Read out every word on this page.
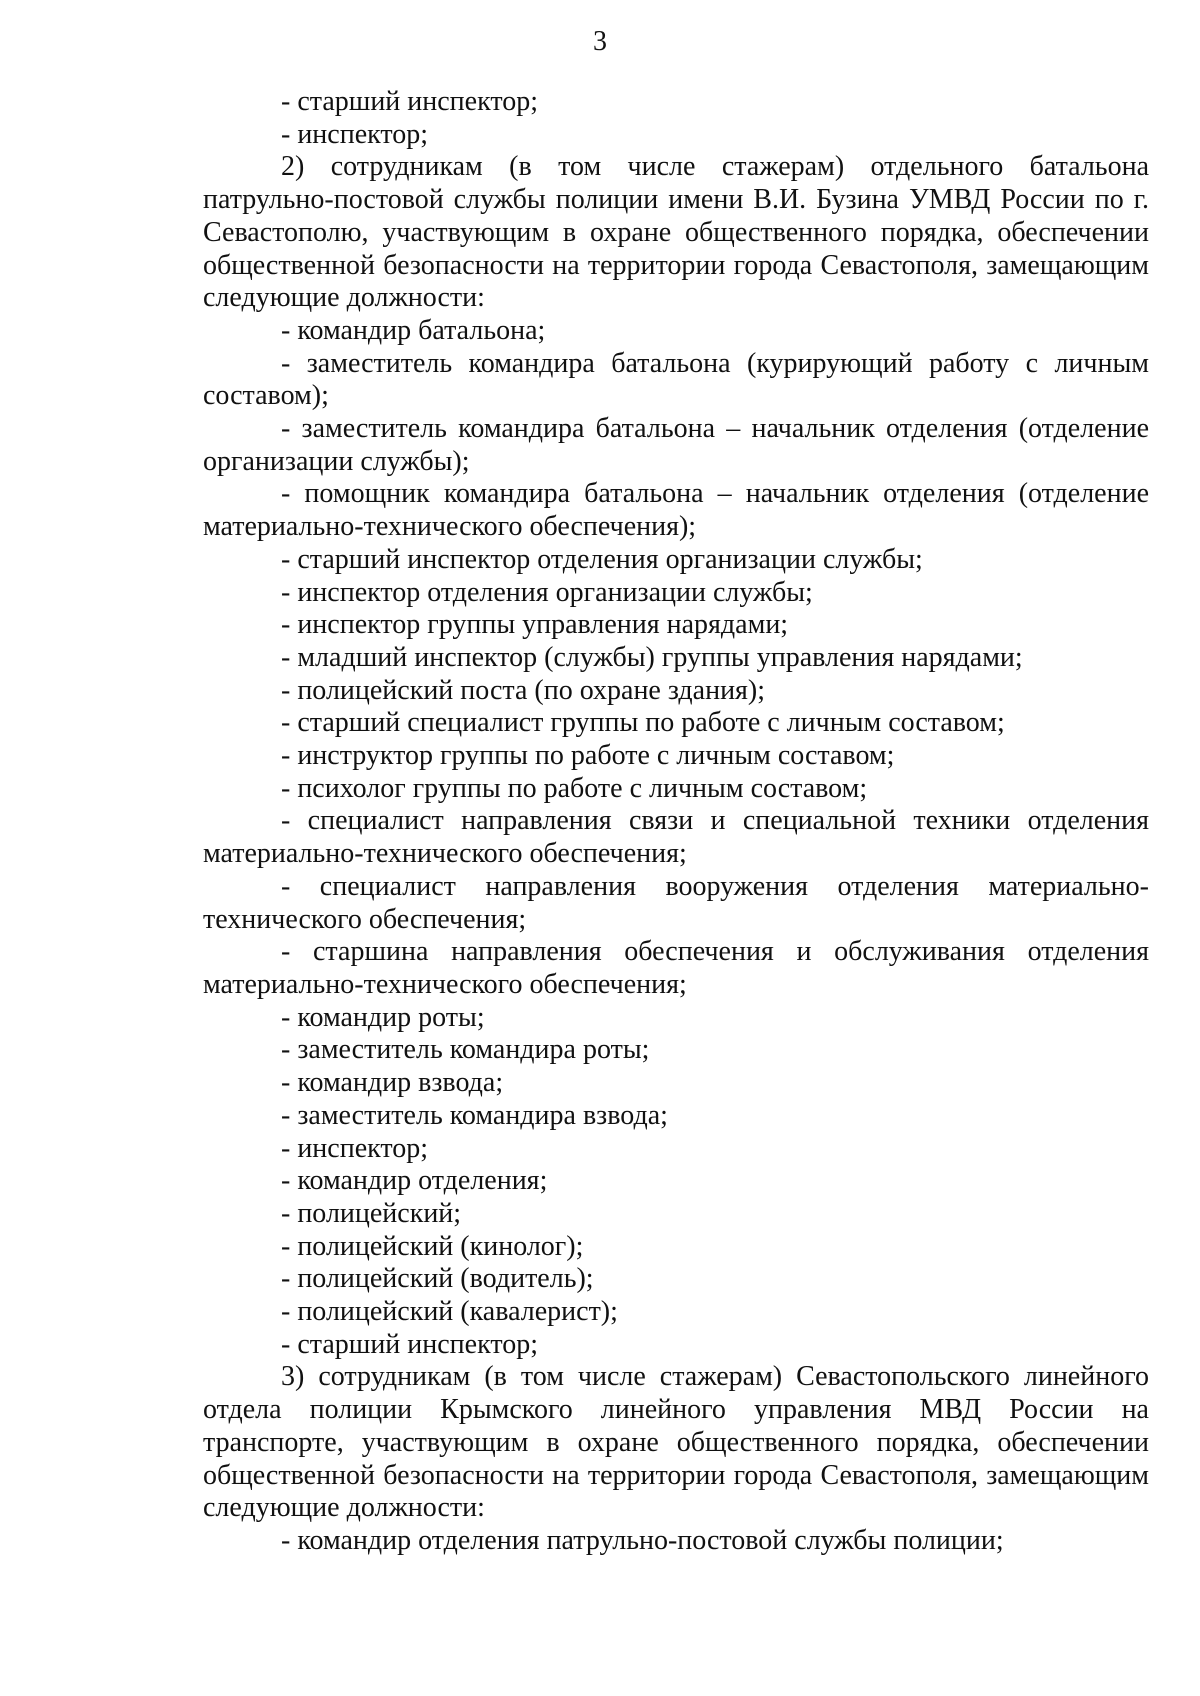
3

- старший инспектор;

- инспектор;

2) сотрудникам (в том числе стажерам) отдельного батальона патрульно-постовой службы полиции имени В.И. Бузина УМВД России по г. Севастополю, участвующим в охране общественного порядка, обеспечении общественной безопасности на территории города Севастополя, замещающим следующие должности:

- командир батальона;

- заместитель командира батальона (курирующий работу с личным составом);

- заместитель командира батальона – начальник отделения (отделение организации службы);

- помощник командира батальона – начальник отделения (отделение материально-технического обеспечения);

- старший инспектор отделения организации службы;

- инспектор отделения организации службы;

- инспектор группы управления нарядами;

- младший инспектор (службы) группы управления нарядами;

- полицейский поста (по охране здания);

- старший специалист группы по работе с личным составом;

- инструктор группы по работе с личным составом;

- психолог группы по работе с личным составом;

- специалист направления связи и специальной техники отделения материально-технического обеспечения;

- специалист направления вооружения отделения материально-технического обеспечения;

- старшина направления обеспечения и обслуживания отделения материально-технического обеспечения;

- командир роты;

- заместитель командира роты;

- командир взвода;

- заместитель командира взвода;

- инспектор;

- командир отделения;

- полицейский;

- полицейский (кинолог);

- полицейский (водитель);

- полицейский (кавалерист);

- старший инспектор;

3) сотрудникам (в том числе стажерам) Севастопольского линейного отдела полиции Крымского линейного управления МВД России на транспорте, участвующим в охране общественного порядка, обеспечении общественной безопасности на территории города Севастополя, замещающим следующие должности:

- командир отделения патрульно-постовой службы полиции;
